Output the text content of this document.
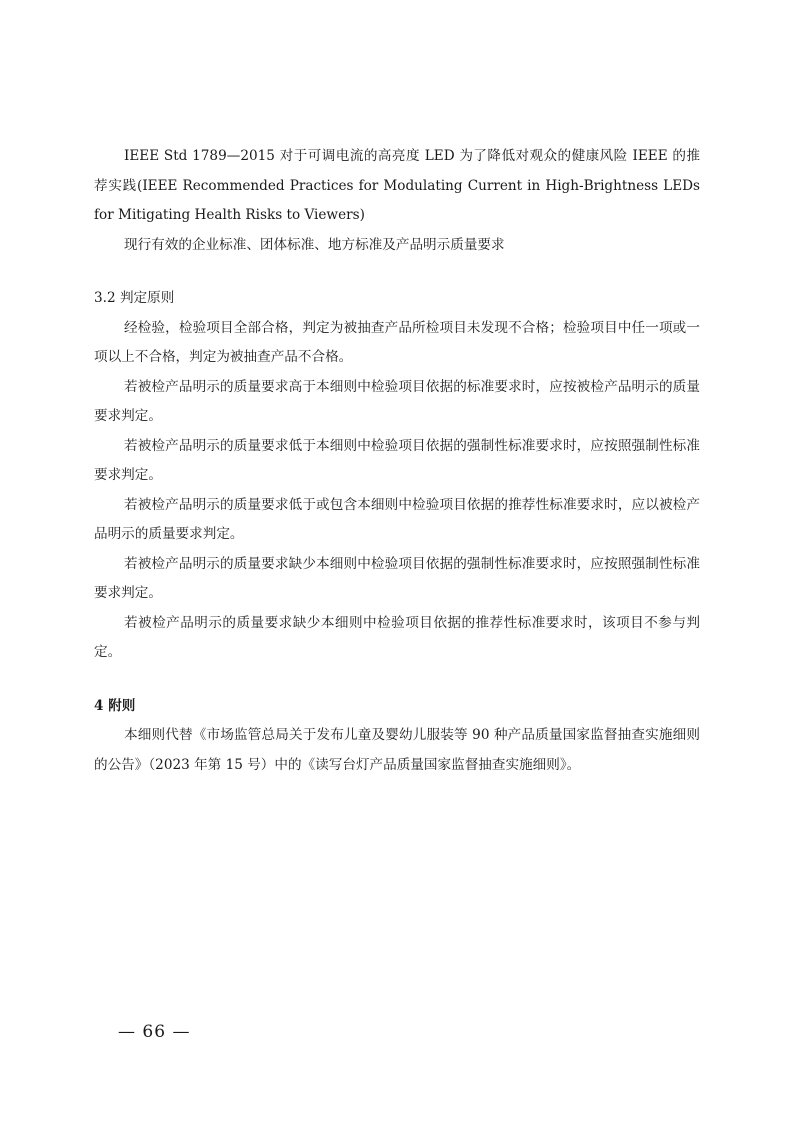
IEEE Std 1789—2015 对于可调电流的高亮度 LED 为了降低对观众的健康风险 IEEE 的推荐实践(IEEE Recommended Practices for Modulating Current in High-Brightness LEDs for Mitigating Health Risks to Viewers)

现行有效的企业标准、团体标准、地方标准及产品明示质量要求

3.2 判定原则

经检验，检验项目全部合格，判定为被抽查产品所检项目未发现不合格；检验项目中任一项或一项以上不合格，判定为被抽查产品不合格。

若被检产品明示的质量要求高于本细则中检验项目依据的标准要求时，应按被检产品明示的质量要求判定。

若被检产品明示的质量要求低于本细则中检验项目依据的强制性标准要求时，应按照强制性标准要求判定。

若被检产品明示的质量要求低于或包含本细则中检验项目依据的推荐性标准要求时，应以被检产品明示的质量要求判定。

若被检产品明示的质量要求缺少本细则中检验项目依据的强制性标准要求时，应按照强制性标准要求判定。

若被检产品明示的质量要求缺少本细则中检验项目依据的推荐性标准要求时，该项目不参与判定。

4 附则

本细则代替《市场监管总局关于发布儿童及婴幼儿服装等 90 种产品质量国家监督抽查实施细则的公告》（2023 年第 15 号）中的《读写台灯产品质量国家监督抽查实施细则》。

— 66 —
